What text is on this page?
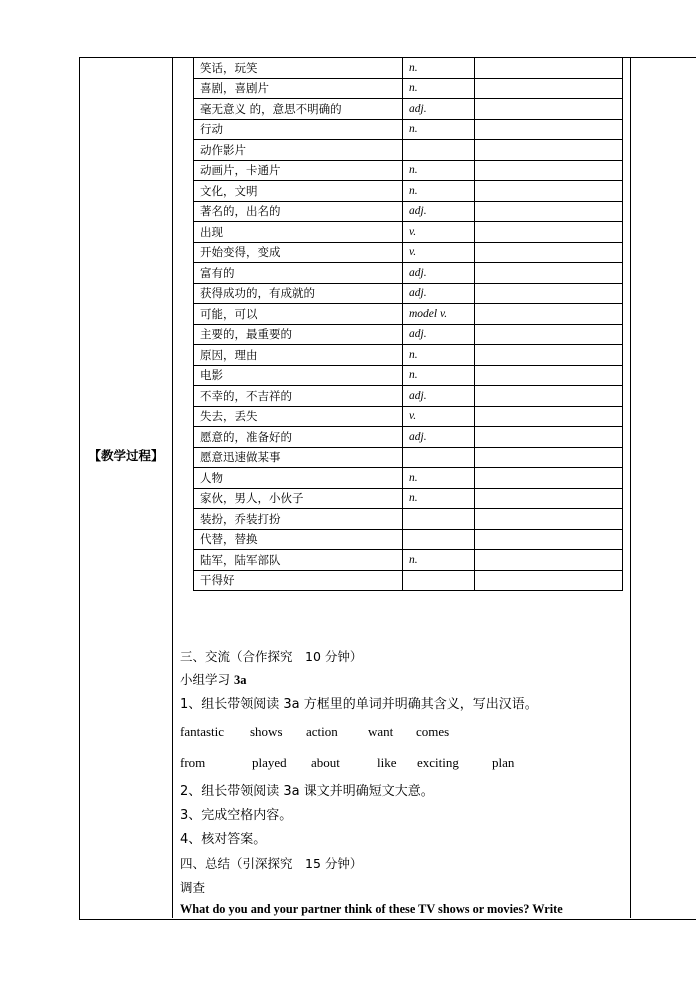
【教学过程】
笑话，玩笑	n.	
喜剧，喜剧片	n.	
毫无意义 的，意思不明确的	adj.	
行动	n.	
动作影片		
动画片，卡通片	n.	
文化，文明	n.	
著名的，出名的	adj.	
出现	v.	
开始变得，变成	v.	
富有的	adj.	
获得成功的，有成就的	adj.	
可能，可以	model v.	
主要的，最重要的	adj.	
原因，理由	n.	
电影	n.	
不幸的，不吉祥的	adj.	
失去，丢失	v.	
愿意的，准备好的	adj.	
愿意迅速做某事		
人物	n.	
家伙，男人，小伙子	n.	
装扮，乔装打扮		
代替，替换		
陆军，陆军部队	n.	
干得好		
三、交流（合作探究　10 分钟）
小组学习 3a
1、组长带领阅读 3a 方框里的单词并明确其含义，写出汉语。
fantastic shows action want comes
from	played about	like exciting	plan
2、组长带领阅读 3a 课文并明确短文大意。
3、完成空格内容。
4、核对答案。
四、总结（引深探究　15 分钟）
调查
What do you and your partner think of these TV shows or movies? Write
